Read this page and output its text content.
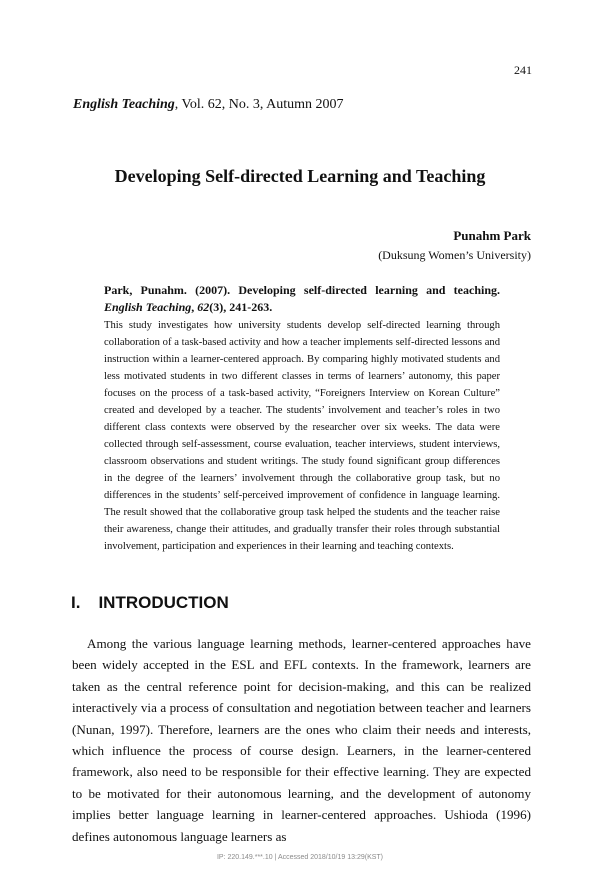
241
English Teaching, Vol. 62, No. 3, Autumn 2007
Developing Self-directed Learning and Teaching
Punahm Park
(Duksung Women’s University)
Park, Punahm. (2007). Developing self-directed learning and teaching. English Teaching, 62(3), 241-263.

This study investigates how university students develop self-directed learning through collaboration of a task-based activity and how a teacher implements self-directed lessons and instruction within a learner-centered approach. By comparing highly motivated students and less motivated students in two different classes in terms of learners’ autonomy, this paper focuses on the process of a task-based activity, “Foreigners Interview on Korean Culture” created and developed by a teacher. The students’ involvement and teacher’s roles in two different class contexts were observed by the researcher over six weeks. The data were collected through self-assessment, course evaluation, teacher interviews, student interviews, classroom observations and student writings. The study found significant group differences in the degree of the learners’ involvement through the collaborative group task, but no differences in the students’ self-perceived improvement of confidence in language learning. The result showed that the collaborative group task helped the students and the teacher raise their awareness, change their attitudes, and gradually transfer their roles through substantial involvement, participation and experiences in their learning and teaching contexts.

I. INTRODUCTION

Among the various language learning methods, learner-centered approaches have been widely accepted in the ESL and EFL contexts. In the framework, learners are taken as the central reference point for decision-making, and this can be realized interactively via a process of consultation and negotiation between teacher and learners (Nunan, 1997). Therefore, learners are the ones who claim their needs and interests, which influence the process of course design. Learners, in the learner-centered framework, also need to be responsible for their effective learning. They are expected to be motivated for their autonomous learning, and the development of autonomy implies better language learning in learner-centered approaches. Ushioda (1996) defines autonomous language learners as

IP: 220.149.***.10 | Accessed 2018/10/19 13:29(KST)
